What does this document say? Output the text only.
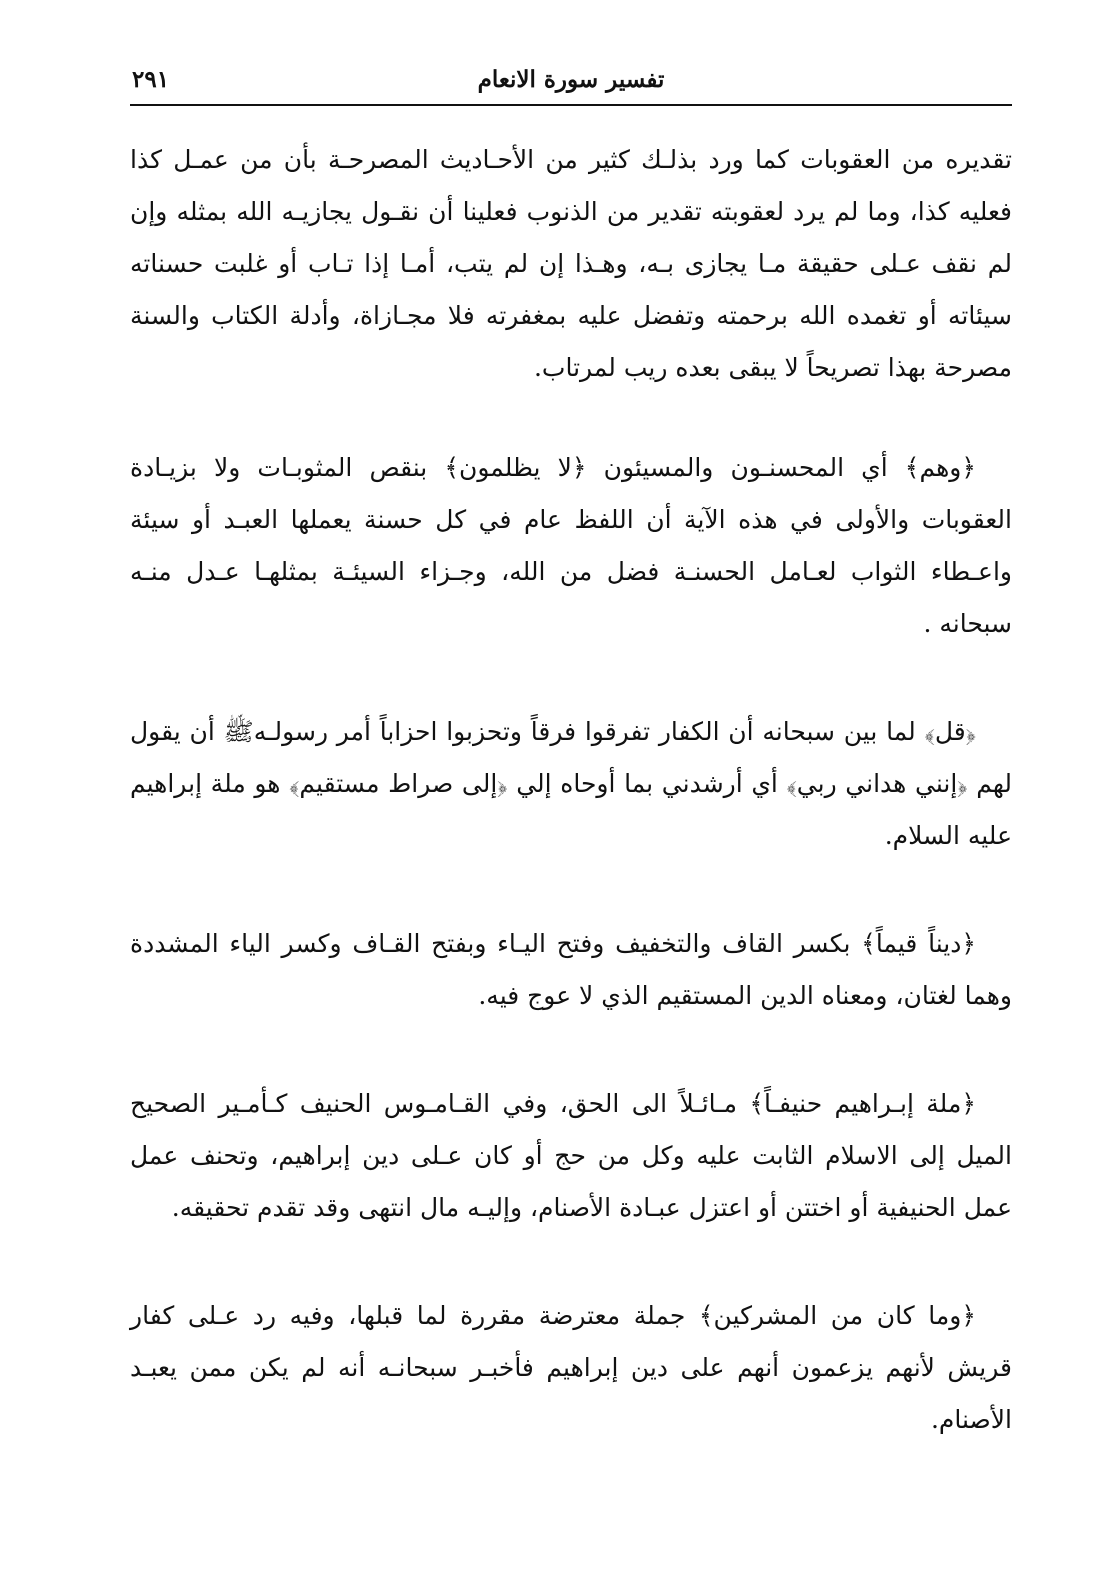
تفسير سورة الانعام
٢٩١

تقديره من العقوبات كما ورد بذلـك كثير من الأحـاديث المصرحـة بأن من عمـل كذا فعليه كذا، وما لم يرد لعقوبته تقدير من الذنوب فعلينا أن نقـول يجازيـه الله بمثله وإن لم نقف عـلى حقيقة مـا يجازى بـه، وهـذا إن لم يتب، أمـا إذا تـاب أو غلبت حسناته سيئاته أو تغمده الله برحمته وتفضل عليه بمغفرته فلا مجـازاة، وأدلة الكتاب والسنة مصرحة بهذا تصريحاً لا يبقى بعده ريب لمرتاب.

﴿وهم﴾ أي المحسنـون والمسيئون ﴿لا يظلمون﴾ بنقص المثوبـات ولا بزيـادة العقوبات والأولى في هذه الآية أن اللفظ عام في كل حسنة يعملها العبـد أو سيئة واعـطاء الثواب لعـامل الحسنـة فضل من الله، وجـزاء السيئـة بمثلهـا عـدل منـه سبحانه .

﴿قل﴾ لما بين سبحانه أن الكفار تفرقوا فرقاً وتحزبوا احزاباً أمر رسولـهﷺ أن يقول لهم ﴿إنني هداني ربي﴾ أي أرشدني بما أوحاه إلي ﴿إلى صراط مستقيم﴾ هو ملة إبراهيم عليه السلام.

﴿ديناً قيماً﴾ بكسر القاف والتخفيف وفتح اليـاء وبفتح القـاف وكسر الياء المشددة وهما لغتان، ومعناه الدين المستقيم الذي لا عوج فيه.

﴿ملة إبـراهيم حنيفـاً﴾ مـائـلاً الى الحق، وفي القـامـوس الحنيف كـأمـير الصحيح الميل إلى الاسلام الثابت عليه وكل من حج أو كان عـلى دين إبراهيم، وتحنف عمل عمل الحنيفية أو اختتن أو اعتزل عبـادة الأصنام، وإليـه مال انتهى وقد تقدم تحقيقه.

﴿وما كان من المشركين﴾ جملة معترضة مقررة لما قبلها، وفيه رد عـلى كفار قريش لأنهم يزعمون أنهم على دين إبراهيم فأخبـر سبحانـه أنه لم يكن ممن يعبـد الأصنام.
